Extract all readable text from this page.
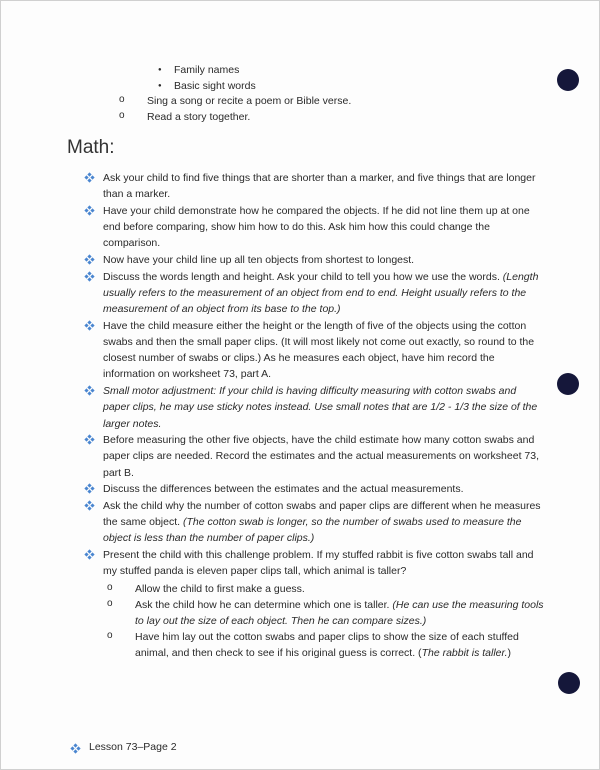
● Family names
● Basic sight words
o Sing a song or recite a poem or Bible verse.
o Read a story together.
Math:
Ask your child to find five things that are shorter than a marker, and five things that are longer than a marker.
Have your child demonstrate how he compared the objects. If he did not line them up at one end before comparing, show him how to do this. Ask him how this could change the comparison.
Now have your child line up all ten objects from shortest to longest.
Discuss the words length and height. Ask your child to tell you how we use the words. (Length usually refers to the measurement of an object from end to end. Height usually refers to the measurement of an object from its base to the top.)
Have the child measure either the height or the length of five of the objects using the cotton swabs and then the small paper clips. (It will most likely not come out exactly, so round to the closest number of swabs or clips.) As he measures each object, have him record the information on worksheet 73, part A.
Small motor adjustment: If your child is having difficulty measuring with cotton swabs and paper clips, he may use sticky notes instead. Use small notes that are 1/2 - 1/3 the size of the larger notes.
Before measuring the other five objects, have the child estimate how many cotton swabs and paper clips are needed. Record the estimates and the actual measurements on worksheet 73, part B.
Discuss the differences between the estimates and the actual measurements.
Ask the child why the number of cotton swabs and paper clips are different when he measures the same object. (The cotton swab is longer, so the number of swabs used to measure the object is less than the number of paper clips.)
Present the child with this challenge problem. If my stuffed rabbit is five cotton swabs tall and my stuffed panda is eleven paper clips tall, which animal is taller?
o Allow the child to first make a guess.
o Ask the child how he can determine which one is taller. (He can use the measuring tools to lay out the size of each object. Then he can compare sizes.)
o Have him lay out the cotton swabs and paper clips to show the size of each stuffed animal, and then check to see if his original guess is correct. (The rabbit is taller.)
Lesson 73–Page 2
